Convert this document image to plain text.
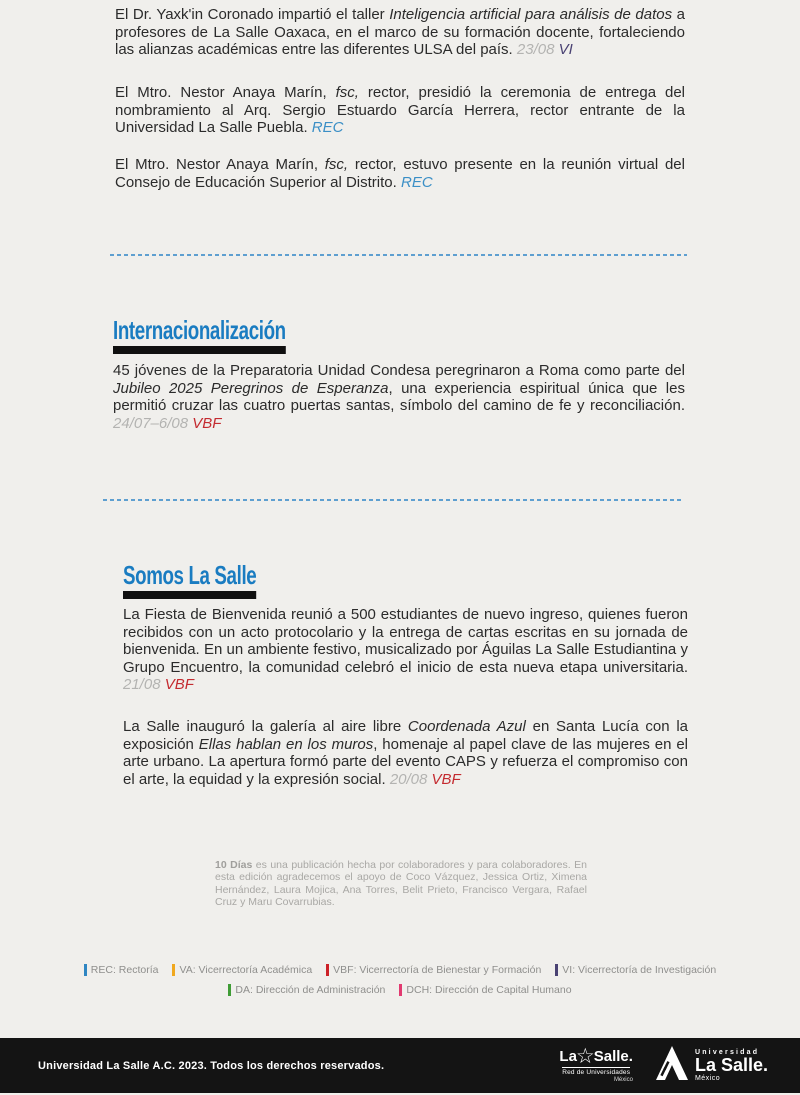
El Dr. Yaxk'in Coronado impartió el taller Inteligencia artificial para análisis de datos a profesores de La Salle Oaxaca, en el marco de su formación docente, fortaleciendo las alianzas académicas entre las diferentes ULSA del país. 23/08 VI

El Mtro. Nestor Anaya Marín, fsc, rector, presidió la ceremonia de entrega del nombramiento al Arq. Sergio Estuardo García Herrera, rector entrante de la Universidad La Salle Puebla. REC

El Mtro. Nestor Anaya Marín, fsc, rector, estuvo presente en la reunión virtual del Consejo de Educación Superior al Distrito. REC

Internacionalización

45 jóvenes de la Preparatoria Unidad Condesa peregrinaron a Roma como parte del Jubileo 2025 Peregrinos de Esperanza, una experiencia espiritual única que les permitió cruzar las cuatro puertas santas, símbolo del camino de fe y reconciliación. 24/07–6/08 VBF

Somos La Salle

La Fiesta de Bienvenida reunió a 500 estudiantes de nuevo ingreso, quienes fueron recibidos con un acto protocolario y la entrega de cartas escritas en su jornada de bienvenida. En un ambiente festivo, musicalizado por Águilas La Salle Estudiantina y Grupo Encuentro, la comunidad celebró el inicio de esta nueva etapa universitaria. 21/08 VBF

La Salle inauguró la galería al aire libre Coordenada Azul en Santa Lucía con la exposición Ellas hablan en los muros, homenaje al papel clave de las mujeres en el arte urbano. La apertura formó parte del evento CAPS y refuerza el compromiso con el arte, la equidad y la expresión social. 20/08 VBF

10 Días es una publicación hecha por colaboradores y para colaboradores. En esta edición agradecemos el apoyo de Coco Vázquez, Jessica Ortiz, Ximena Hernández, Laura Mojica, Ana Torres, Belit Prieto, Francisco Vergara, Rafael Cruz y Maru Covarrubias.

REC: Rectoría VA: Vicerrectoría Académica VBF: Vicerrectoría de Bienestar y Formación VI: Vicerrectoría de Investigación
DA: Dirección de Administración DCH: Dirección de Capital Humano
Universidad La Salle A.C. 2023. Todos los derechos reservados.
La ☆ Salle.
Red de Universidades
México
Universidad
La Salle.
México
